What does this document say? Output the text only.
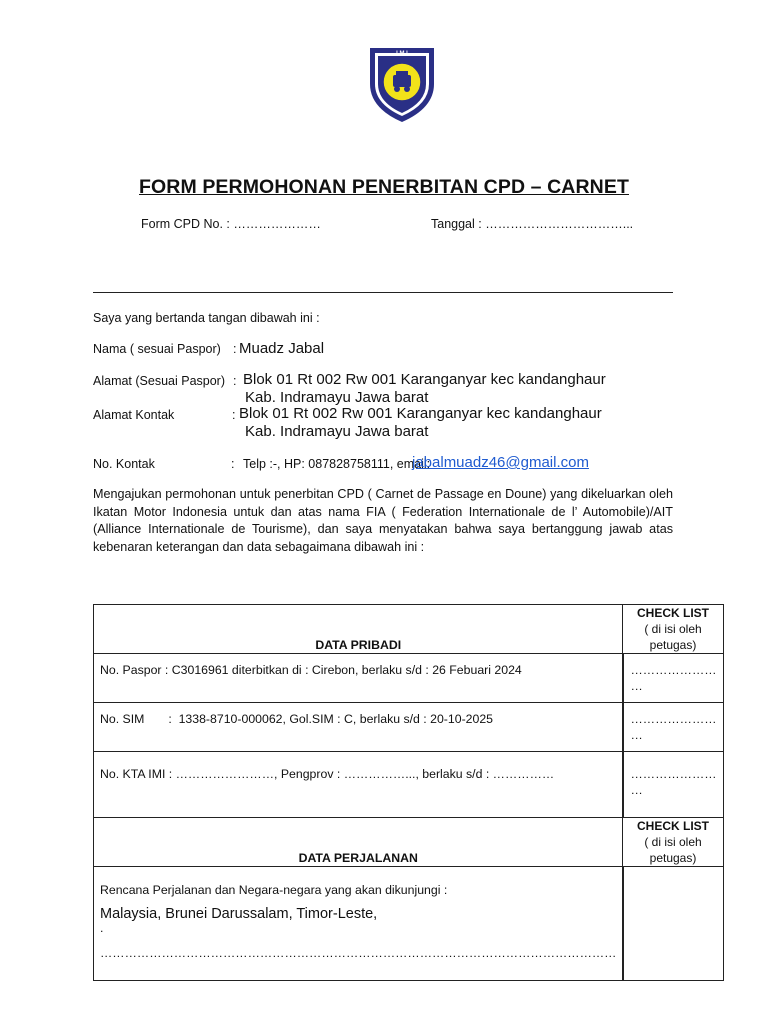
I M I
FORM PERMOHONAN PENERBITAN CPD – CARNET
Form CPD No. : …………………	Tanggal : ……………………………...
Saya yang bertanda tangan dibawah ini :
Nama ( sesuai Paspor) : Muadz Jabal
Alamat (Sesuai Paspor) : Blok 01 Rt 002 Rw 001 Karanganyar kec kandanghaur
Kab. Indramayu Jawa barat
Alamat Kontak	: Blok 01 Rt 002 Rw 001 Karanganyar kec kandanghaur
Kab. Indramayu Jawa barat
No. Kontak	: Telp :-, HP: 087828758111, email:
jabalmuadz46@gmail.com
Mengajukan permohonan untuk penerbitan CPD ( Carnet de Passage en Doune) yang dikeluarkan oleh Ikatan Motor Indonesia untuk dan atas nama FIA ( Federation Internationale de l’ Automobile)/AIT (Alliance Internationale de Tourisme), dan saya menyatakan bahwa saya bertanggung jawab atas kebenaran keterangan dan data sebagaimana dibawah ini :
DATA PRIBADI	CHECK LIST
( di isi oleh petugas)

No. Paspor : C3016961 diterbitkan di : Cirebon, berlaku s/d : 26 Febuari 2024		…………………
…

No. SIM       :  1338-8710-000062, Gol.SIM : C, berlaku s/d : 20-10-2025		…………………
…

No. KTA IMI : ……………………, Pengprov : ……………..., berlaku s/d : ……………		…………………
…

DATA PERJALANAN	CHECK LIST
( di isi oleh petugas)

Rencana Perjalanan dan Negara-negara yang akan dikunjungi :
Malaysia, Brunei Darussalam, Timor-Leste,
.
………………………………………………………………………………………………………………	
